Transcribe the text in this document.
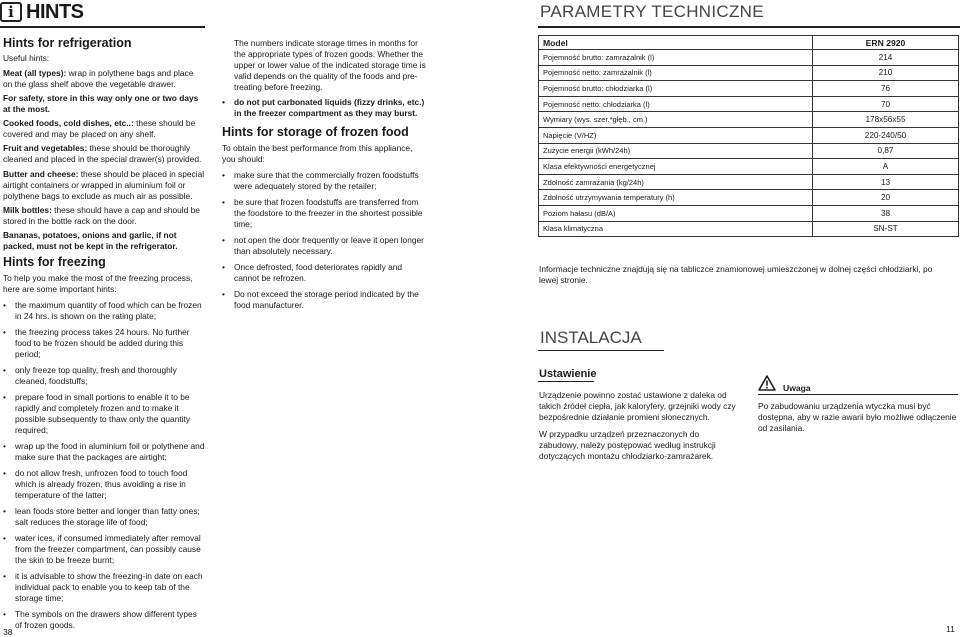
i HINTS	PARAMETRY TECHNICZNE
Hints for refrigeration

Useful hints:

Meat (all types): wrap in polythene bags and place on the glass shelf above the vegetable drawer.

For safety, store in this way only one or two days at the most.

Cooked foods, cold dishes, etc..: these should be covered and may be placed on any shelf.

Fruit and vegetables: these should be thoroughly cleaned and placed in the special drawer(s) provided.

Butter and cheese: these should be placed in special airtight containers or wrapped in aluminium foil or polythene bags to exclude as much air as possible.

Milk bottles: these should have a cap and should be stored in the bottle rack on the door.

Bananas, potatoes, onions and garlic, if not packed, must not be kept in the refrigerator.

Hints for freezing

To help you make the most of the freezing process, here are some important hints:

• the maximum quantity of food which can be frozen in 24 hrs. is shown on the rating plate;
• the freezing process takes 24 hours. No further food to be frozen should be added during this period;
• only freeze top quality, fresh and thoroughly cleaned, foodstuffs;
• prepare food in small portions to enable it to be rapidly and completely frozen and to make it possible subsequently to thaw only the quantity required;
• wrap up the food in aluminium foil or polythene and make sure that the packages are airtight;
• do not allow fresh, unfrozen food to touch food which is already frozen, thus avoiding a rise in temperature of the latter;
• lean foods store better and longer than fatty ones; salt reduces the storage life of food;
• water ices, if consumed immediately after removal from the freezer compartment, can possibly cause the skin to be freeze burnt;
• it is advisable to show the freezing-in date on each individual pack to enable you to keep tab of the storage time;
• The symbols on the drawers show different types of frozen goods.
38

The numbers indicate storage times in months for the appropriate types of frozen goods. Whether the upper or lower value of the indicated storage time is valid depends on the quality of the foods and pre-treating before freezing.

• do not put carbonated liquids (fizzy drinks, etc.) in the freezer compartment as they may burst.
Hints for storage of frozen food

To obtain the best performance from this appliance, you should:

• make sure that the commercially frozen foodstuffs were adequately stored by the retailer;
• be sure that frozen foodstuffs are transferred from the foodstore to the freezer in the shortest possible time;
• not open the door frequently or leave it open longer than absolutely necessary.
• Once defrosted, food deteriorates rapidly and cannot be refrozen.
• Do not exceed the storage period indicated by the food manufacturer.
Model	ERN 2920
Pojemność brutto: zamrażalnik (l)	214
Pojemność netto: zamrażalnik (l)	210
Pojemność brutto: chłodziarka (l)	76
Pojemność netto: chłodziarka (l)	70
Wymiary (wys. szer.*głęb., cm.)	178x56x55
Napięcie (V/HZ)	220-240/50
Zużycie energii (kWh/24h)	0,87
Klasa efektywności energetycznej	A
Zdolność zamrażania (kg/24h)	13
Zdolność utrzymywania temperatury (h)	20
Poziom hałasu (dB/A)	38
Klasa klimatyczna	SN-ST
Informacje techniczne znajdują się na tabliczce znamionowej umieszczonej w dolnej części chłodziarki, po lewej stronie.
INSTALACJA
Ustawienie

Urządzenie powinno zostać ustawione z daleka od takich źródeł ciepła, jak kaloryfery, grzejniki wody czy bezpośrednie działanie promieni słonecznych.

W przypadku urządzeń przeznaczonych do zabudowy, należy postępować według instrukcji dotyczących montażu chłodziarko-zamrażarek.

Uwaga
Po zabudowaniu urządzenia wtyczka musi być dostępna, aby w razie awarii było możliwe odłączenie od zasilania.
11
